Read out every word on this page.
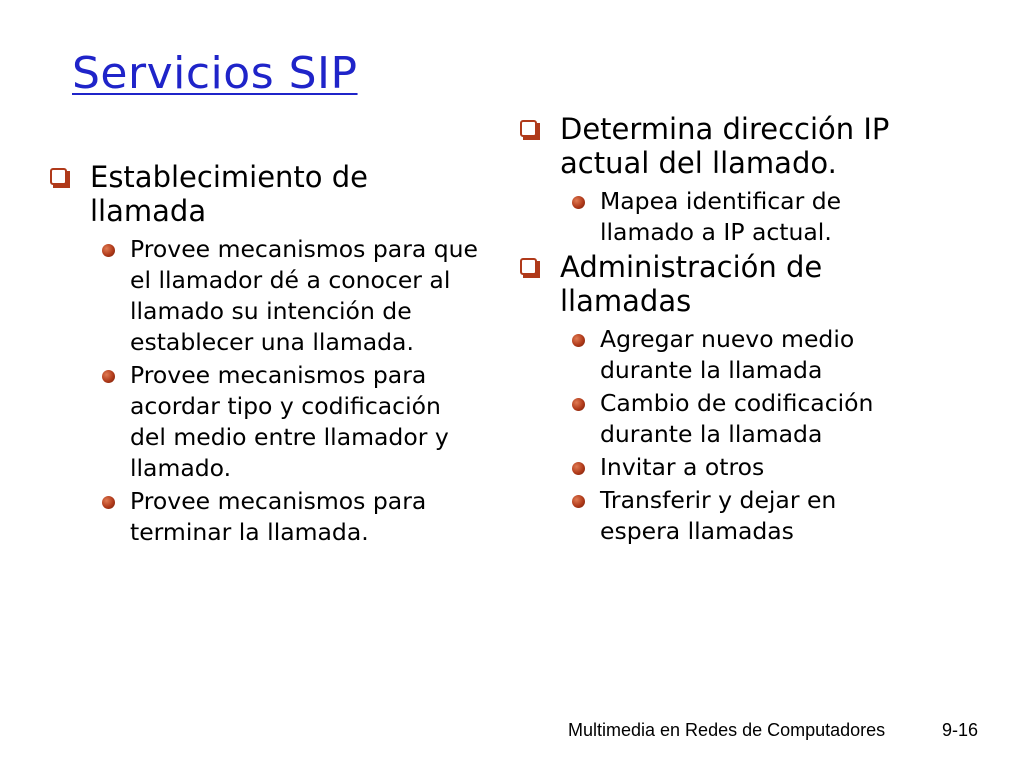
Servicios SIP
Establecimiento de llamada
Provee mecanismos para que el llamador dé a conocer al llamado su intención de establecer una llamada.
Provee mecanismos para acordar tipo y codificación del medio entre llamador y llamado.
Provee mecanismos para terminar la llamada.
Determina dirección IP actual del llamado.
Mapea identificar de llamado a IP actual.
Administración de llamadas
Agregar nuevo medio durante la llamada
Cambio de codificación durante la llamada
Invitar a otros
Transferir y dejar en espera llamadas
Multimedia en Redes de Computadores	9-16
